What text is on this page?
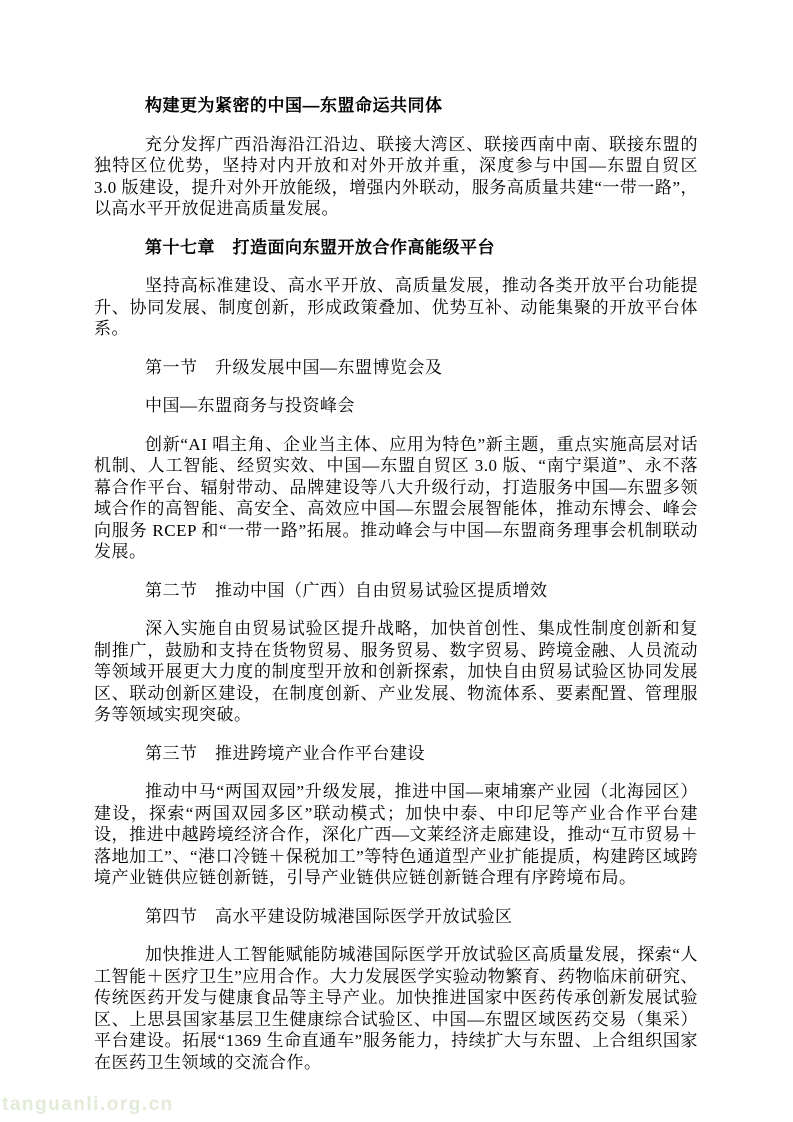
构建更为紧密的中国—东盟命运共同体

充分发挥广西沿海沿江沿边、联接大湾区、联接西南中南、联接东盟的独特区位优势，坚持对内开放和对外开放并重，深度参与中国—东盟自贸区 3.0 版建设，提升对外开放能级，增强内外联动，服务高质量共建“一带一路”，以高水平开放促进高质量发展。

第十七章　打造面向东盟开放合作高能级平台

坚持高标准建设、高水平开放、高质量发展，推动各类开放平台功能提升、协同发展、制度创新，形成政策叠加、优势互补、动能集聚的开放平台体系。

第一节　升级发展中国—东盟博览会及
中国—东盟商务与投资峰会

创新“AI 唱主角、企业当主体、应用为特色”新主题，重点实施高层对话机制、人工智能、经贸实效、中国—东盟自贸区 3.0 版、“南宁渠道”、永不落幕合作平台、辐射带动、品牌建设等八大升级行动，打造服务中国—东盟多领域合作的高智能、高安全、高效应中国—东盟会展智能体，推动东博会、峰会向服务 RCEP 和“一带一路”拓展。推动峰会与中国—东盟商务理事会机制联动发展。

第二节　推动中国（广西）自由贸易试验区提质增效

深入实施自由贸易试验区提升战略，加快首创性、集成性制度创新和复制推广，鼓励和支持在货物贸易、服务贸易、数字贸易、跨境金融、人员流动等领域开展更大力度的制度型开放和创新探索，加快自由贸易试验区协同发展区、联动创新区建设，在制度创新、产业发展、物流体系、要素配置、管理服务等领域实现突破。

第三节　推进跨境产业合作平台建设

推动中马“两国双园”升级发展，推进中国—柬埔寨产业园（北海园区）建设，探索“两国双园多区”联动模式；加快中泰、中印尼等产业合作平台建设，推进中越跨境经济合作，深化广西—文莱经济走廊建设，推动“互市贸易＋落地加工”、“港口冷链＋保税加工”等特色通道型产业扩能提质，构建跨区域跨境产业链供应链创新链，引导产业链供应链创新链合理有序跨境布局。

第四节　高水平建设防城港国际医学开放试验区

加快推进人工智能赋能防城港国际医学开放试验区高质量发展，探索“人工智能＋医疗卫生”应用合作。大力发展医学实验动物繁育、药物临床前研究、传统医药开发与健康食品等主导产业。加快推进国家中医药传承创新发展试验区、上思县国家基层卫生健康综合试验区、中国—东盟区域医药交易（集采）平台建设。拓展“1369 生命直通车”服务能力，持续扩大与东盟、上合组织国家在医药卫生领域的交流合作。

tanguanli.org.cn
